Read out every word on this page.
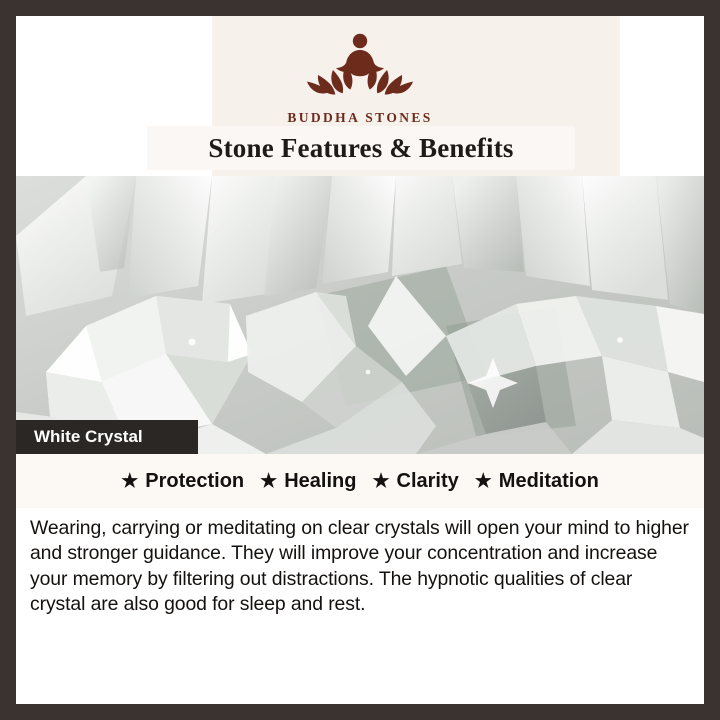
BUDDHA STONES
Stone Features & Benefits
White Crystal
★ Protection ★ Healing ★ Clarity ★ Meditation

Wearing, carrying or meditating on clear crystals will open your mind to higher and stronger guidance. They will improve your concentration and increase your memory by filtering out distractions. The hypnotic qualities of clear crystal are also good for sleep and rest.
